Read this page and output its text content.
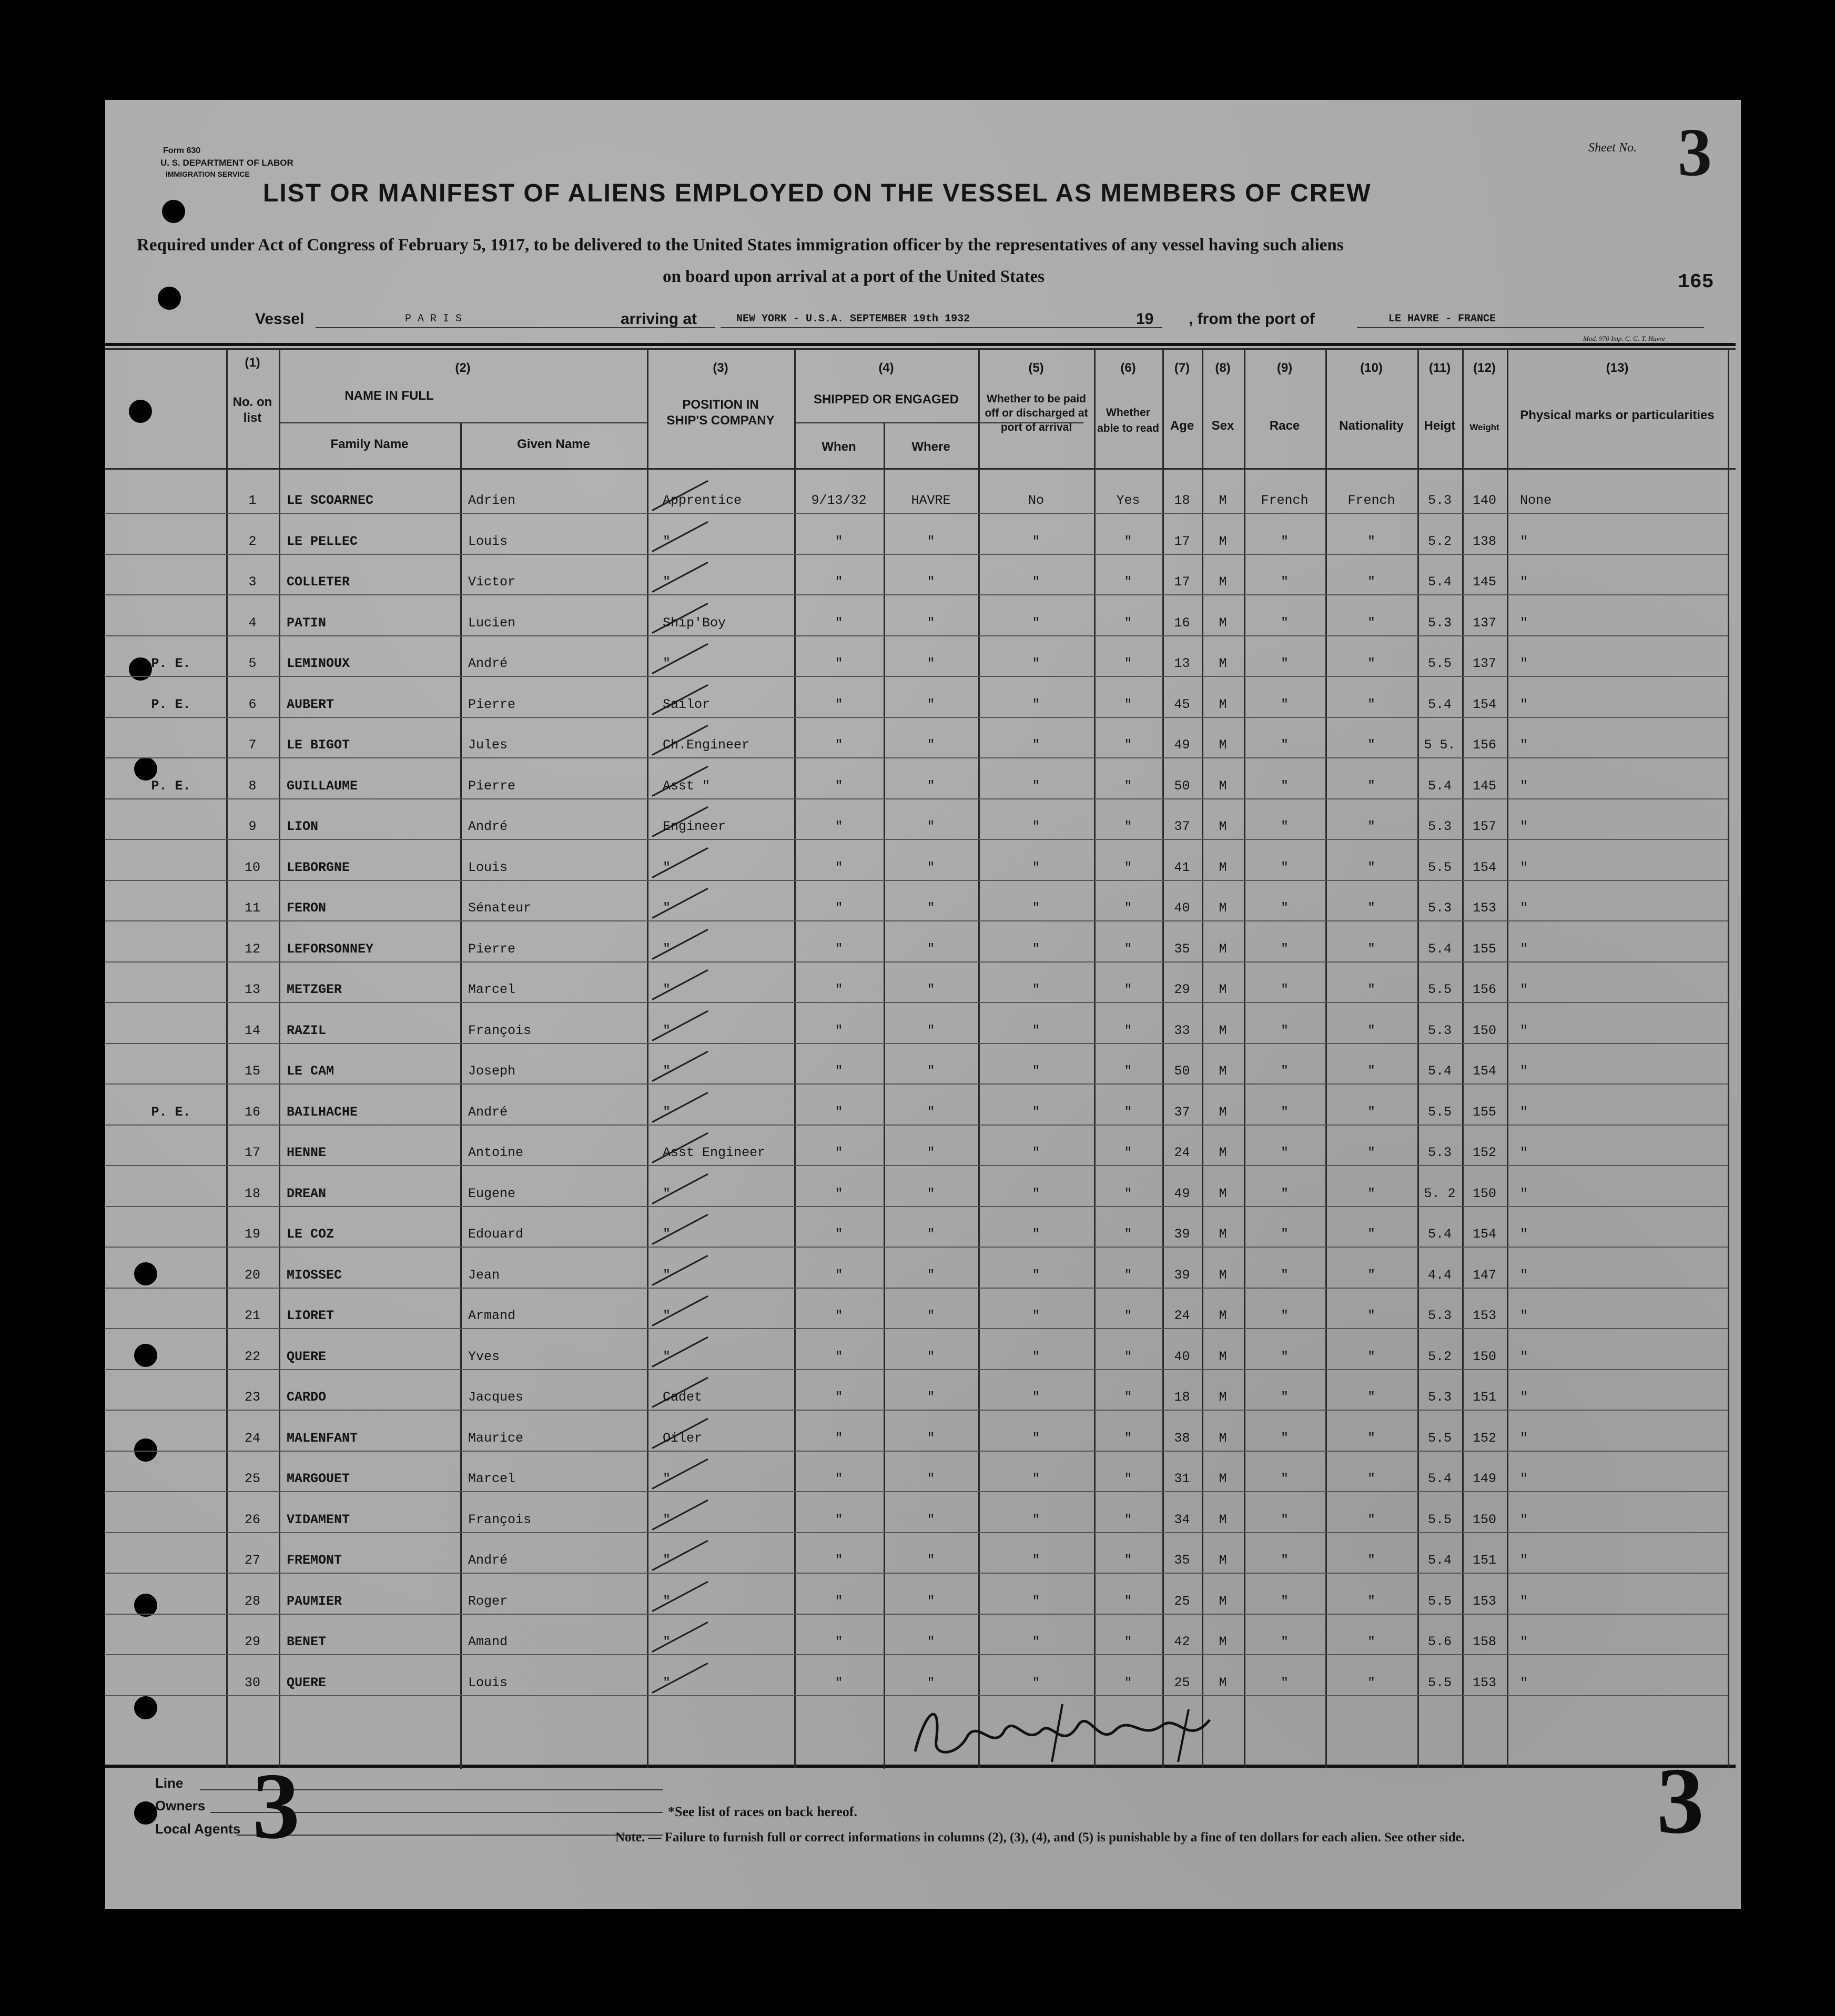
Form 630
U. S. DEPARTMENT OF LABOR
IMMIGRATION SERVICE
Sheet No. 3
LIST OR MANIFEST OF ALIENS EMPLOYED ON THE VESSEL AS MEMBERS OF CREW
Required under Act of Congress of February 5, 1917, to be delivered to the United States immigration officer by the representatives of any vessel having such aliens
on board upon arrival at a port of the United States	165
Vessel	P A R I S	arriving at	NEW YORK - U.S.A. SEPTEMBER 19th 1932	19 , from the port of	LE HAVRE - FRANCE
Mod. 970 Imp. C. G. T. Havre
(1)
No. on list
(2)
NAME IN FULL
Family Name	Given Name
(3)
POSITION IN SHIP'S COMPANY
(4)
SHIPPED OR ENGAGED
When	Where
(5)
Whether to be paid off or discharged at port of arrival
(6)
Whether able to read
(7)
Age
(8)
Sex
(9)
Race
(10)
Nationality
(11)
Heigt
(12)
Weight
(13)
Physical marks or particularities
1	LE SCOARNEC	Adrien	Apprentice	9/13/32	HAVRE	No	Yes	18	M	French	French	5.3	140	None
2	LE PELLEC	Louis	"	"	"	"	"	17	M	"	"	5.2	138	"
3	COLLETER	Victor	"	"	"	"	"	17	M	"	"	5.4	145	"
4	PATIN	Lucien	Ship'Boy	"	"	"	"	16	M	"	"	5.3	137	"
P. E.	5	LEMINOUX	André	"	"	"	"	"	13	M	"	"	5.5	137	"
P. E.	6	AUBERT	Pierre	Sailor	"	"	"	"	45	M	"	"	5.4	154	"
7	LE BIGOT	Jules	Ch.Engineer	"	"	"	"	49	M	"	"	5 5.	156	"
P. E.	8	GUILLAUME	Pierre	Asst "	"	"	"	"	50	M	"	"	5.4	145	"
9	LION	André	Engineer	"	"	"	"	37	M	"	"	5.3	157	"
10	LEBORGNE	Louis	"	"	"	"	"	41	M	"	"	5.5	154	"
11	FERON	Sénateur	"	"	"	"	"	40	M	"	"	5.3	153	"
12	LEFORSONNEY	Pierre	"	"	"	"	"	35	M	"	"	5.4	155	"
13	METZGER	Marcel	"	"	"	"	"	29	M	"	"	5.5	156	"
14	RAZIL	François	"	"	"	"	"	33	M	"	"	5.3	150	"
15	LE CAM	Joseph	"	"	"	"	"	50	M	"	"	5.4	154	"
P. E.	16	BAILHACHE	André	"	"	"	"	"	37	M	"	"	5.5	155	"
17	HENNE	Antoine	Asst Engineer	"	"	"	"	24	M	"	"	5.3	152	"
18	DREAN	Eugene	"	"	"	"	"	49	M	"	"	5. 2	150	"
19	LE COZ	Edouard	"	"	"	"	"	39	M	"	"	5.4	154	"
20	MIOSSEC	Jean	"	"	"	"	"	39	M	"	"	4.4	147	"
21	LIORET	Armand	"	"	"	"	"	24	M	"	"	5.3	153	"
22	QUERE	Yves	"	"	"	"	"	40	M	"	"	5.2	150	"
23	CARDO	Jacques	Cadet	"	"	"	"	18	M	"	"	5.3	151	"
24	MALENFANT	Maurice	Oiler	"	"	"	"	38	M	"	"	5.5	152	"
25	MARGOUET	Marcel	"	"	"	"	"	31	M	"	"	5.4	149	"
26	VIDAMENT	François	"	"	"	"	"	34	M	"	"	5.5	150	"
27	FREMONT	André	"	"	"	"	"	35	M	"	"	5.4	151	"
28	PAUMIER	Roger	"	"	"	"	"	25	M	"	"	5.5	153	"
29	BENET	Amand	"	"	"	"	"	42	M	"	"	5.6	158	"
30	QUERE	Louis	"	"	"	"	"	25	M	"	"	5.5	153	"
Line
Owners
Local Agents 3	*See list of races on back hereof.
Note. — Failure to furnish full or correct informations in columns (2), (3), (4), and (5) is punishable by a fine of ten dollars for each alien. See other side. 3
